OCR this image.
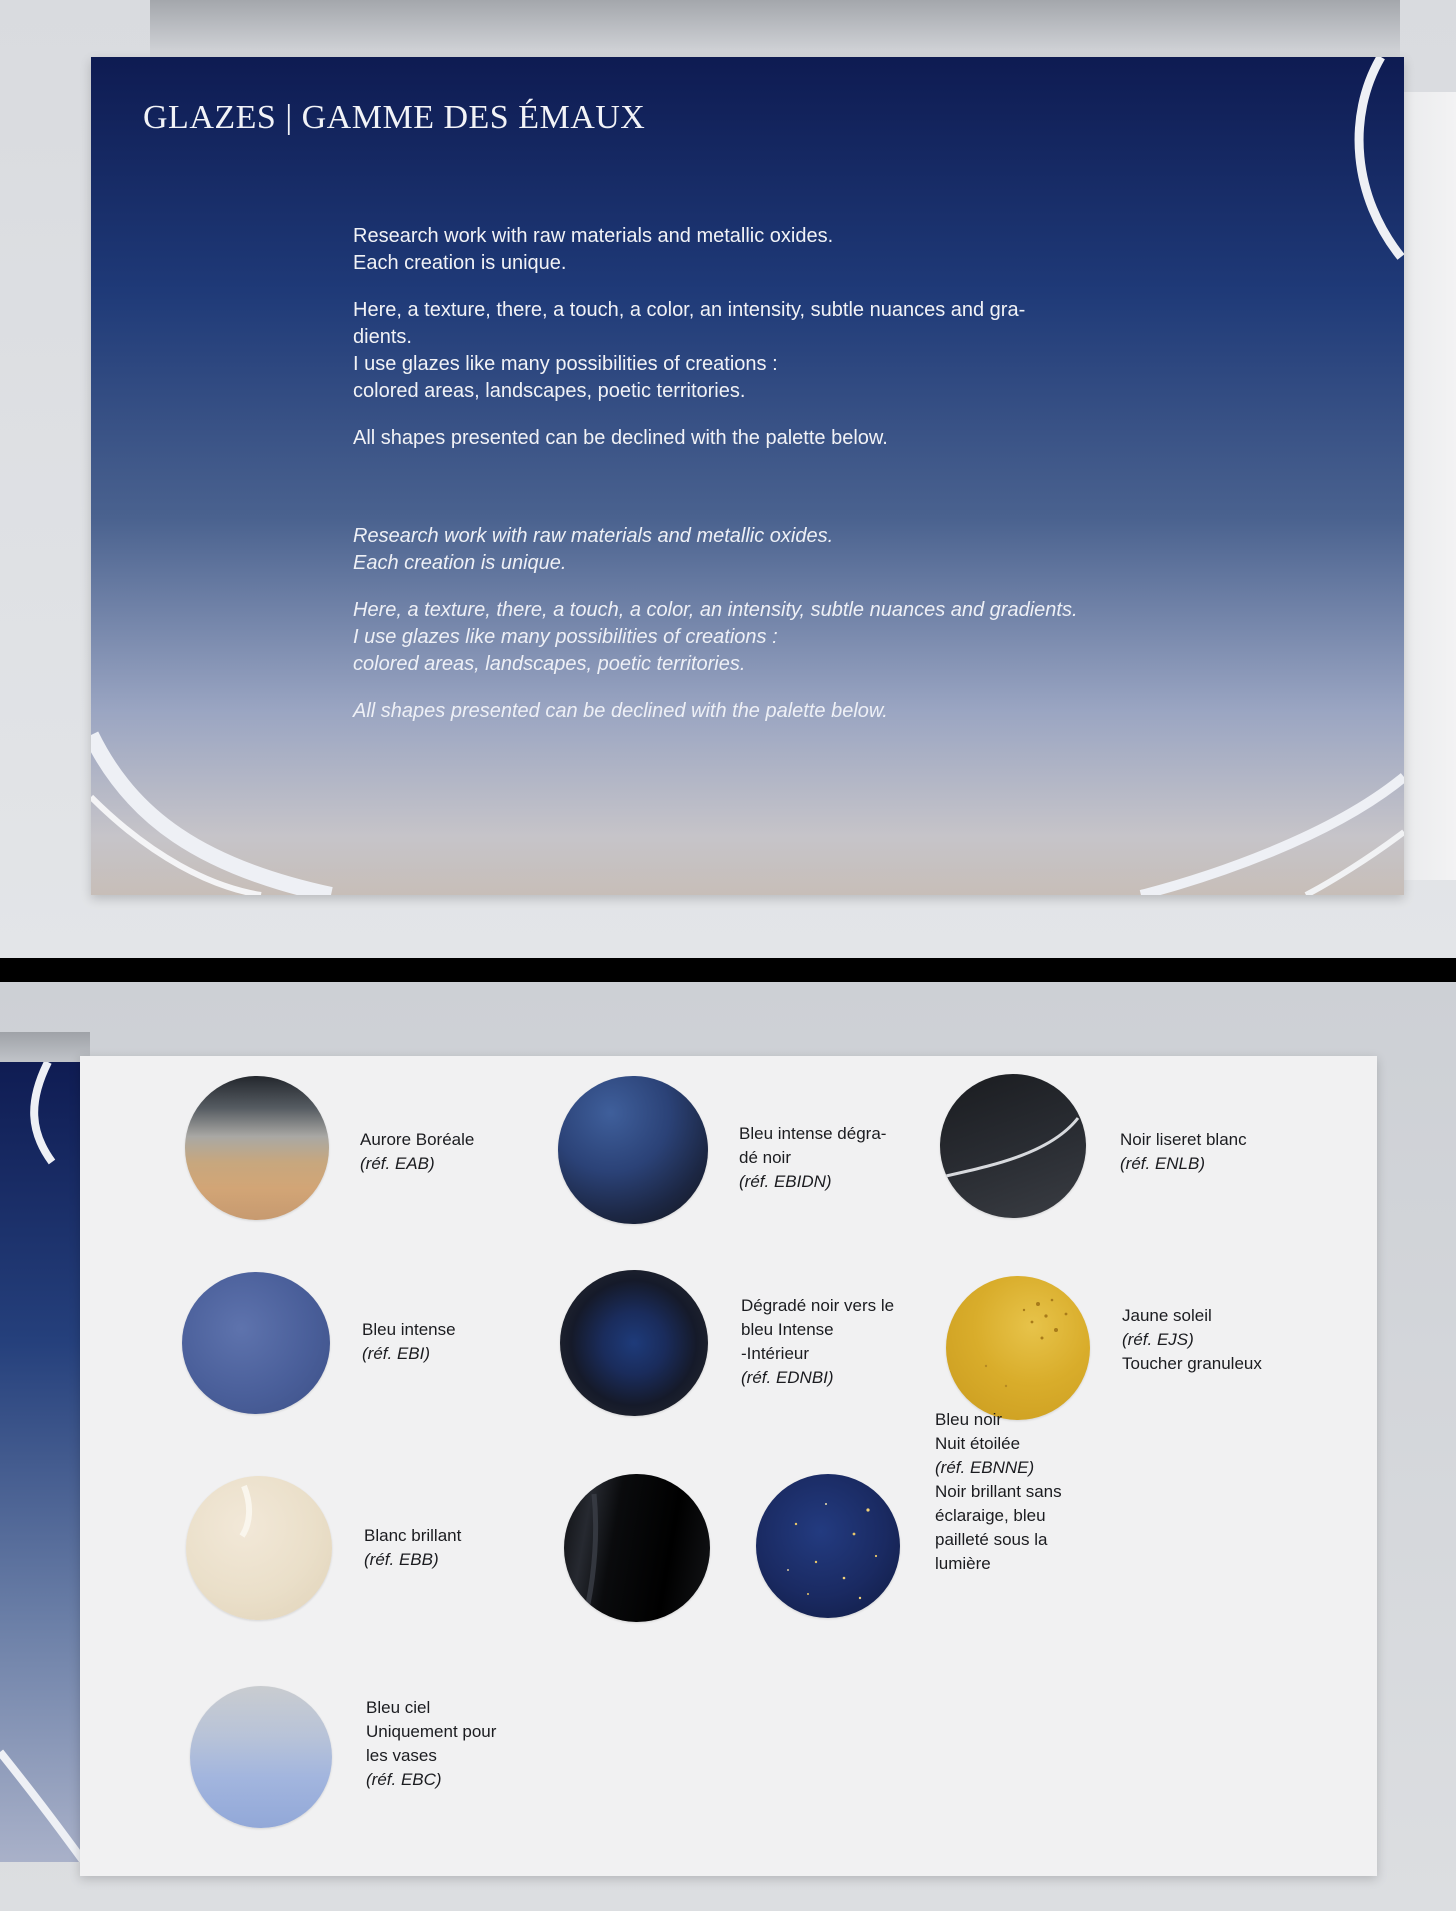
GLAZES | GAMME DES ÉMAUX

Research work with raw materials and metallic oxides.
Each creation is unique.

Here, a texture, there, a touch, a color, an intensity, subtle nuances and gra-
dients.
I use glazes like many possibilities of creations :
colored areas, landscapes, poetic territories.

All shapes presented can be declined with the palette below.

Research work with raw materials and metallic oxides.
Each creation is unique.

Here, a texture, there, a touch, a color, an intensity, subtle nuances and gradients.
I use glazes like many possibilities of creations :
colored areas, landscapes, poetic territories.

All shapes presented can be declined with the palette below.

Aurore Boréale
(réf. EAB)
Bleu intense dégra-
dé noir
(réf. EBIDN)
Noir liseret blanc
(réf. ENLB)
Bleu intense
(réf. EBI)
Dégradé noir vers le
bleu Intense
-Intérieur
(réf. EDNBI)
Jaune soleil
(réf. EJS)
Toucher granuleux
Blanc brillant
(réf. EBB)
Bleu noir
Nuit étoilée
(réf. EBNNE)
Noir brillant sans
éclaraige, bleu
pailleté sous la
lumière
Bleu ciel
Uniquement pour
les vases
(réf. EBC)
